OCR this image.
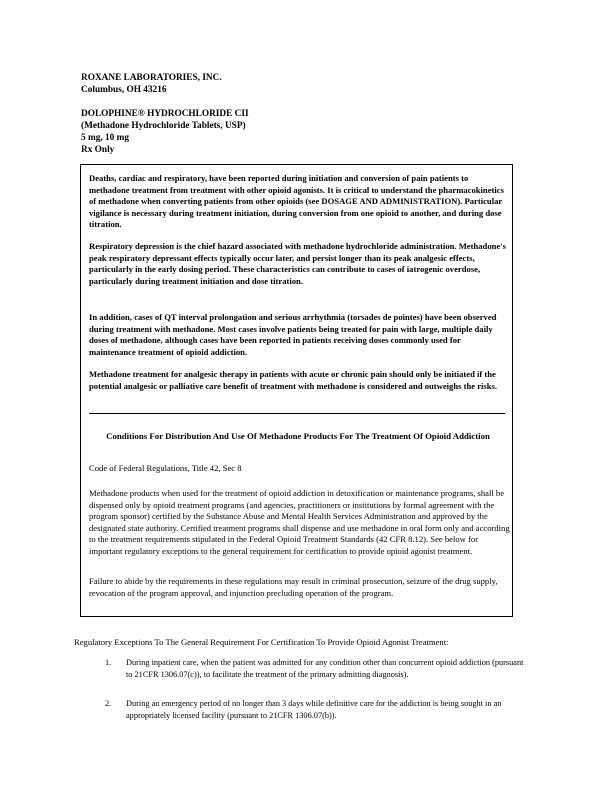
ROXANE LABORATORIES, INC.
Columbus, OH 43216
DOLOPHINE® HYDROCHLORIDE CII
(Methadone Hydrochloride Tablets, USP)
5 mg, 10 mg
Rx Only
Deaths, cardiac and respiratory, have been reported during initiation and conversion of pain patients to methadone treatment from treatment with other opioid agonists. It is critical to understand the pharmacokinetics of methadone when converting patients from other opioids (see DOSAGE AND ADMINISTRATION). Particular vigilance is necessary during treatment initiation, during conversion from one opioid to another, and during dose titration.
Respiratory depression is the chief hazard associated with methadone hydrochloride administration. Methadone's peak respiratory depressant effects typically occur later, and persist longer than its peak analgesic effects, particularly in the early dosing period. These characteristics can contribute to cases of iatrogenic overdose, particularly during treatment initiation and dose titration.
In addition, cases of QT interval prolongation and serious arrhythmia (torsades de pointes) have been observed during treatment with methadone. Most cases involve patients being treated for pain with large, multiple daily doses of methadone, although cases have been reported in patients receiving doses commonly used for maintenance treatment of opioid addiction.
Methadone treatment for analgesic therapy in patients with acute or chronic pain should only be initiated if the potential analgesic or palliative care benefit of treatment with methadone is considered and outweighs the risks.
Conditions For Distribution And Use Of Methadone Products For The Treatment Of Opioid Addiction
Code of Federal Regulations, Title 42, Sec 8
Methadone products when used for the treatment of opioid addiction in detoxification or maintenance programs, shall be dispensed only by opioid treatment programs (and agencies, practitioners or institutions by formal agreement with the program sponsor) certified by the Substance Abuse and Mental Health Services Administration and approved by the designated state authority. Certified treatment programs shall dispense and use methadone in oral form only and according to the treatment requirements stipulated in the Federal Opioid Treatment Standards (42 CFR 8.12). See below for important regulatory exceptions to the general requirement for certification to provide opioid agonist treatment.
Failure to abide by the requirements in these regulations may result in criminal prosecution, seizure of the drug supply, revocation of the program approval, and injunction precluding operation of the program.
Regulatory Exceptions To The General Requirement For Certification To Provide Opioid Agonist Treatment:
1. During inpatient care, when the patient was admitted for any condition other than concurrent opioid addiction (pursuant to 21CFR 1306.07(c)), to facilitate the treatment of the primary admitting diagnosis).
2. During an emergency period of no longer than 3 days while definitive care for the addiction is being sought in an appropriately licensed facility (pursuant to 21CFR 1306.07(b)).
